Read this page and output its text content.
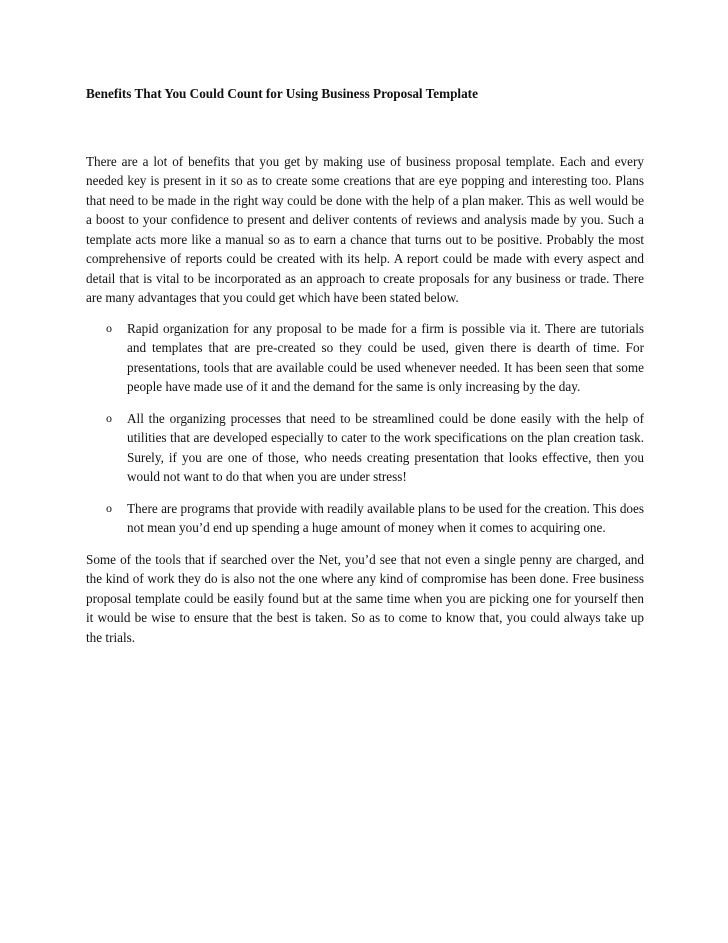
Benefits That You Could Count for Using Business Proposal Template

There are a lot of benefits that you get by making use of business proposal template. Each and every needed key is present in it so as to create some creations that are eye popping and interesting too. Plans that need to be made in the right way could be done with the help of a plan maker. This as well would be a boost to your confidence to present and deliver contents of reviews and analysis made by you. Such a template acts more like a manual so as to earn a chance that turns out to be positive. Probably the most comprehensive of reports could be created with its help. A report could be made with every aspect and detail that is vital to be incorporated as an approach to create proposals for any business or trade. There are many advantages that you could get which have been stated below.

o Rapid organization for any proposal to be made for a firm is possible via it. There are tutorials and templates that are pre-created so they could be used, given there is dearth of time. For presentations, tools that are available could be used whenever needed. It has been seen that some people have made use of it and the demand for the same is only increasing by the day.
o All the organizing processes that need to be streamlined could be done easily with the help of utilities that are developed especially to cater to the work specifications on the plan creation task. Surely, if you are one of those, who needs creating presentation that looks effective, then you would not want to do that when you are under stress!
o There are programs that provide with readily available plans to be used for the creation. This does not mean you’d end up spending a huge amount of money when it comes to acquiring one.

Some of the tools that if searched over the Net, you’d see that not even a single penny are charged, and the kind of work they do is also not the one where any kind of compromise has been done. Free business proposal template could be easily found but at the same time when you are picking one for yourself then it would be wise to ensure that the best is taken. So as to come to know that, you could always take up the trials.
